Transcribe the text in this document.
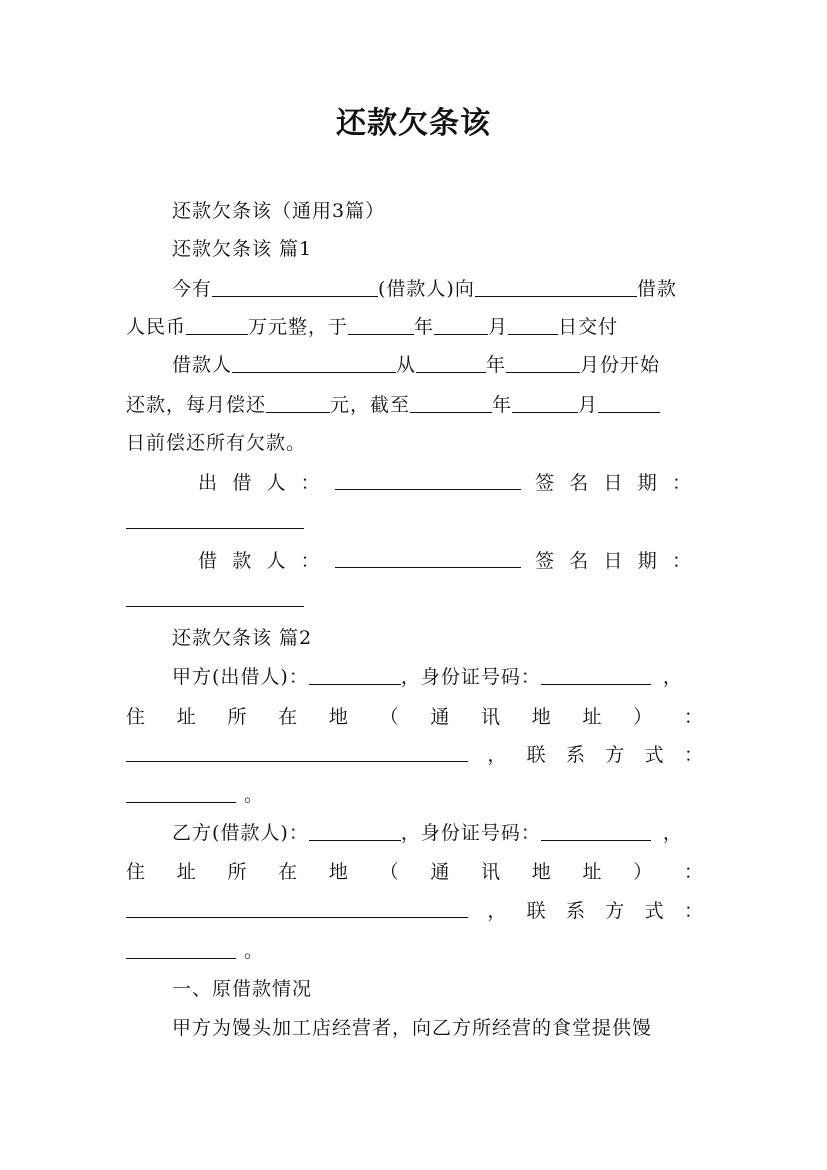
还款欠条该
还款欠条该（通用3篇）
还款欠条该 篇1
今有	(借款人)向	借款
人民币	万元整，于	年	月	日交付
借款人	从	年	月份开始
还款，每月偿还	元，截至	年	月
日前偿还所有欠款。
出 借 人 ：	签 名 日 期 ：
借 款 人 ：	签 名 日 期 ：
还款欠条该 篇2
甲方(出借人)：	，身份证号码：	，
住 址 所 在 地 （ 通 讯 地 址 ） ：
， 联 系 方 式 ：
。
乙方(借款人)：	，身份证号码：	，
住 址 所 在 地 （ 通 讯 地 址 ） ：
， 联 系 方 式 ：
。
一、原借款情况
甲方为馒头加工店经营者，向乙方所经营的食堂提供馒
